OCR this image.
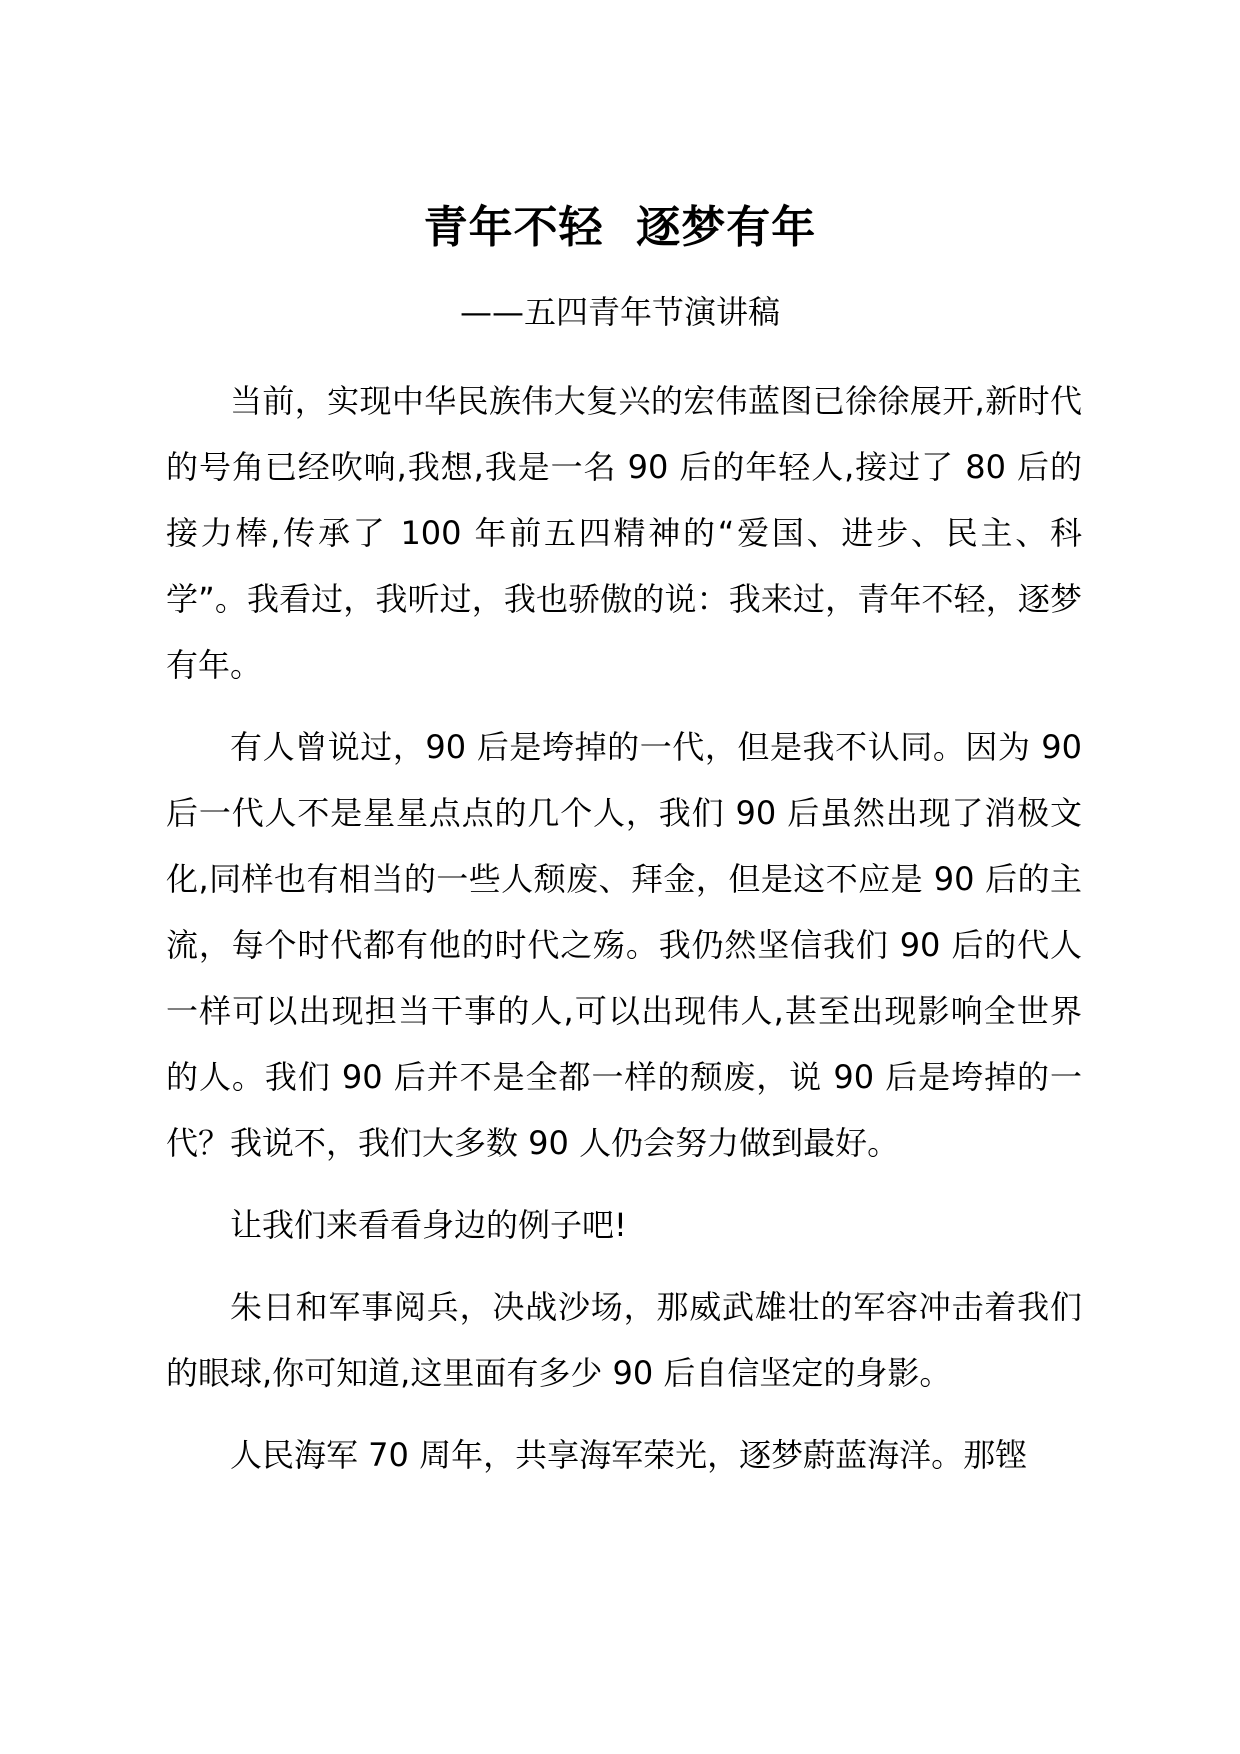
青年不轻  逐梦有年
——五四青年节演讲稿

当前，实现中华民族伟大复兴的宏伟蓝图已徐徐展开,新时代的号角已经吹响,我想,我是一名 90 后的年轻人,接过了 80 后的接力棒,传承了 100 年前五四精神的“爱国、进步、民主、科学”。我看过，我听过，我也骄傲的说：我来过，青年不轻，逐梦有年。

有人曾说过，90 后是垮掉的一代，但是我不认同。因为 90 后一代人不是星星点点的几个人，我们 90 后虽然出现了消极文化,同样也有相当的一些人颓废、拜金，但是这不应是 90 后的主流，每个时代都有他的时代之殇。我仍然坚信我们 90 后的代人一样可以出现担当干事的人,可以出现伟人,甚至出现影响全世界的人。我们 90 后并不是全都一样的颓废，说 90 后是垮掉的一代？我说不，我们大多数 90 人仍会努力做到最好。

让我们来看看身边的例子吧!

朱日和军事阅兵，决战沙场，那威武雄壮的军容冲击着我们的眼球,你可知道,这里面有多少 90 后自信坚定的身影。

人民海军 70 周年，共享海军荣光，逐梦蔚蓝海洋。那铿
